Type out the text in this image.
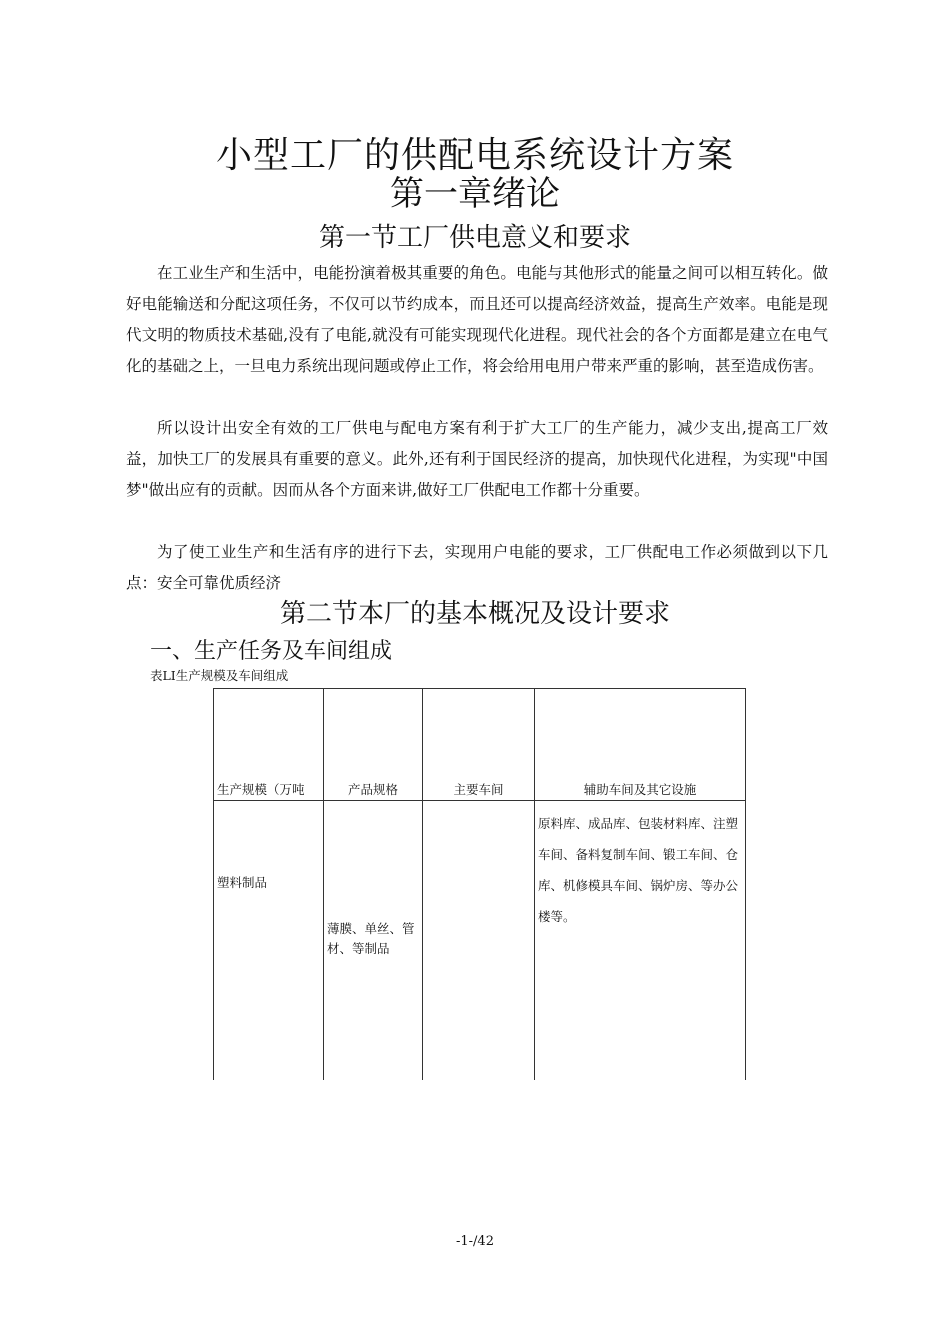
小型工厂的供配电系统设计方案
第一章绪论
第一节工厂供电意义和要求

在工业生产和生活中，电能扮演着极其重要的角色。电能与其他形式的能量之间可以相互转化。做好电能输送和分配这项任务，不仅可以节约成本，而且还可以提高经济效益，提高生产效率。电能是现代文明的物质技术基础,没有了电能,就没有可能实现现代化进程。现代社会的各个方面都是建立在电气化的基础之上，一旦电力系统出现问题或停止工作，将会给用电用户带来严重的影响，甚至造成伤害。

所以设计出安全有效的工厂供电与配电方案有利于扩大工厂的生产能力，减少支出,提高工厂效益，加快工厂的发展具有重要的意义。此外,还有利于国民经济的提高，加快现代化进程，为实现"中国梦"做出应有的贡献。因而从各个方面来讲,做好工厂供配电工作都十分重要。

为了使工业生产和生活有序的进行下去，实现用户电能的要求，工厂供配电工作必须做到以下几点：安全可靠优质经济

第二节本厂的基本概况及设计要求
一、生产任务及车间组成

表LI生产规模及车间组成

生产规模（万吨	产品规格	主要车间	辅助车间及其它设施
塑料制品	薄膜、单丝、管材、等制品		原料库、成品库、包装材料库、注塑车间、备料复制车间、锻工车间、仓库、机修模具车间、锅炉房、等办公楼等。

-1-/42
